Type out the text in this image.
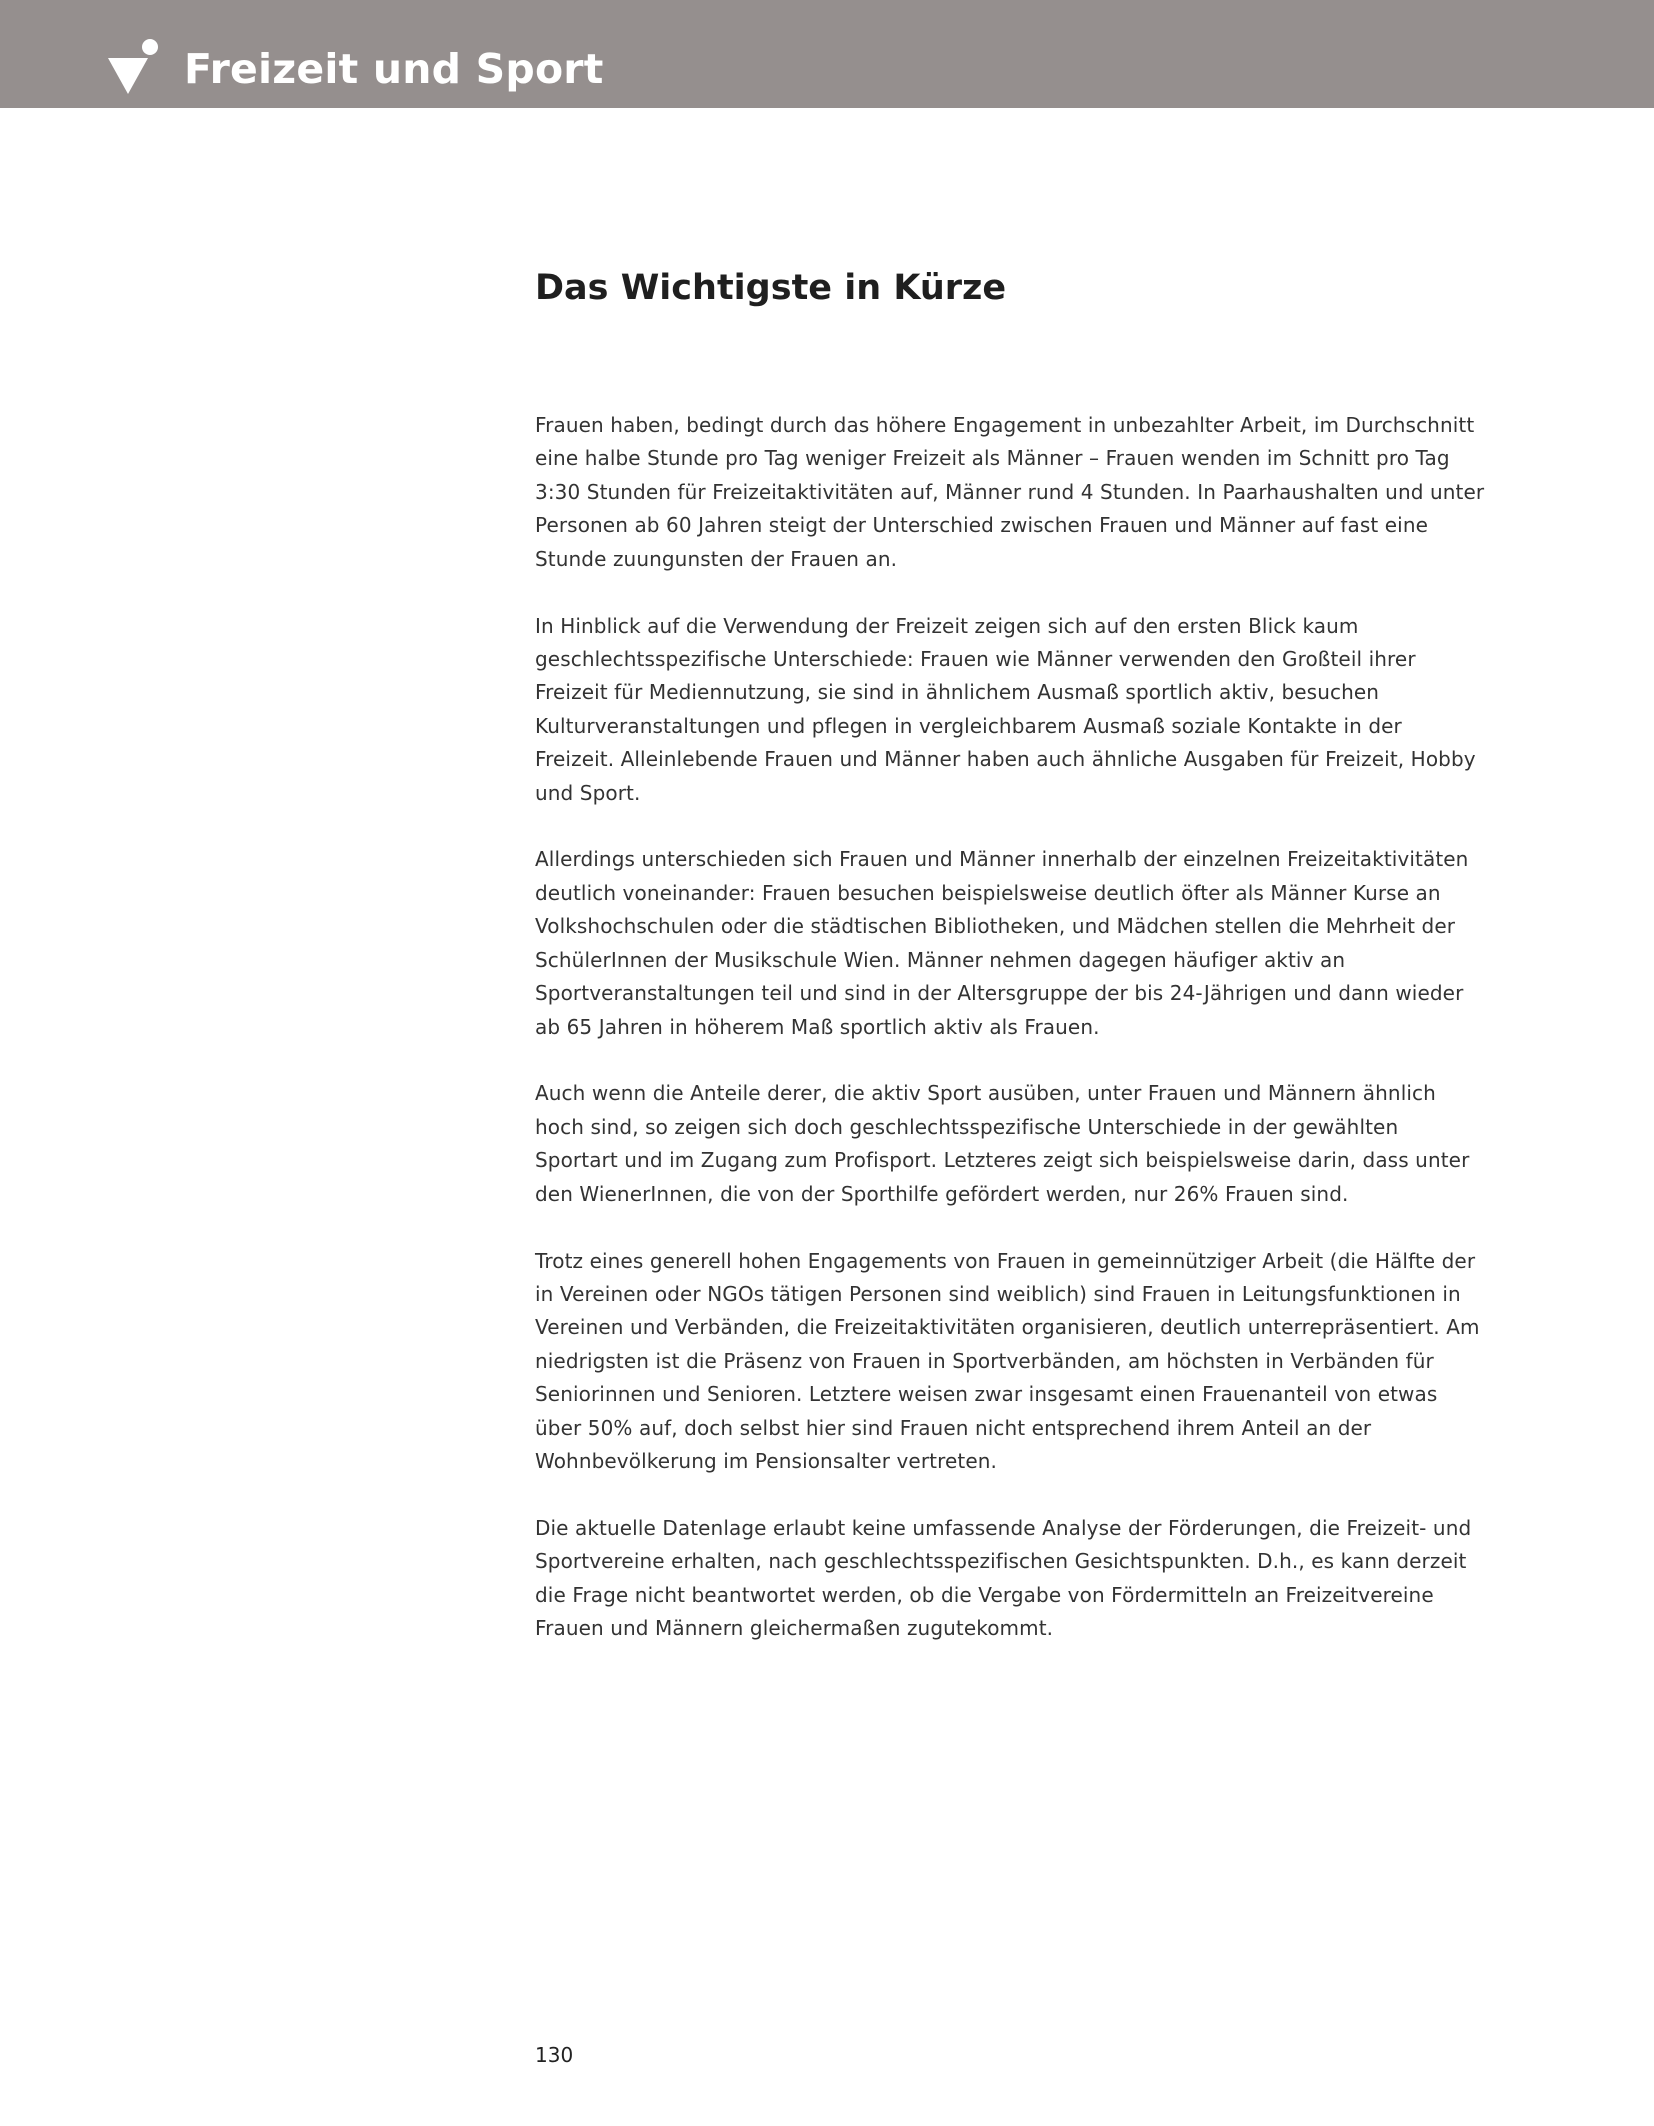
Freizeit und Sport
Das Wichtigste in Kürze

Frauen haben, bedingt durch das höhere Engagement in unbezahlter Arbeit, im Durchschnitt eine halbe Stunde pro Tag weniger Freizeit als Männer – Frauen wenden im Schnitt pro Tag 3:30 Stunden für Freizeitaktivitäten auf, Männer rund 4 Stunden. In Paarhaushalten und unter Personen ab 60 Jahren steigt der Unterschied zwischen Frauen und Männer auf fast eine Stunde zuungunsten der Frauen an.

In Hinblick auf die Verwendung der Freizeit zeigen sich auf den ersten Blick kaum geschlechtsspezifische Unterschiede: Frauen wie Männer verwenden den Großteil ihrer Freizeit für Mediennutzung, sie sind in ähnlichem Ausmaß sportlich aktiv, besuchen Kulturveranstaltungen und pflegen in vergleichbarem Ausmaß soziale Kontakte in der Freizeit. Alleinlebende Frauen und Männer haben auch ähnliche Ausgaben für Freizeit, Hobby und Sport.

Allerdings unterschieden sich Frauen und Männer innerhalb der einzelnen Freizeitaktivitäten deutlich voneinander: Frauen besuchen beispielsweise deutlich öfter als Männer Kurse an Volkshochschulen oder die städtischen Bibliotheken, und Mädchen stellen die Mehrheit der SchülerInnen der Musikschule Wien. Männer nehmen dagegen häufiger aktiv an Sportveranstaltungen teil und sind in der Altersgruppe der bis 24-Jährigen und dann wieder ab 65 Jahren in höherem Maß sportlich aktiv als Frauen.

Auch wenn die Anteile derer, die aktiv Sport ausüben, unter Frauen und Männern ähnlich hoch sind, so zeigen sich doch geschlechtsspezifische Unterschiede in der gewählten Sportart und im Zugang zum Profisport. Letzteres zeigt sich beispielsweise darin, dass unter den WienerInnen, die von der Sporthilfe gefördert werden, nur 26% Frauen sind.

Trotz eines generell hohen Engagements von Frauen in gemeinnütziger Arbeit (die Hälfte der in Vereinen oder NGOs tätigen Personen sind weiblich) sind Frauen in Leitungsfunktionen in Vereinen und Verbänden, die Freizeitaktivitäten organisieren, deutlich unterrepräsentiert. Am niedrigsten ist die Präsenz von Frauen in Sportverbänden, am höchsten in Verbänden für Seniorinnen und Senioren. Letztere weisen zwar insgesamt einen Frauenanteil von etwas über 50% auf, doch selbst hier sind Frauen nicht entsprechend ihrem Anteil an der Wohnbevölkerung im Pensionsalter vertreten.

Die aktuelle Datenlage erlaubt keine umfassende Analyse der Förderungen, die Freizeit- und Sportvereine erhalten, nach geschlechtsspezifischen Gesichtspunkten. D.h., es kann derzeit die Frage nicht beantwortet werden, ob die Vergabe von Fördermitteln an Freizeitvereine Frauen und Männern gleichermaßen zugutekommt.

130
